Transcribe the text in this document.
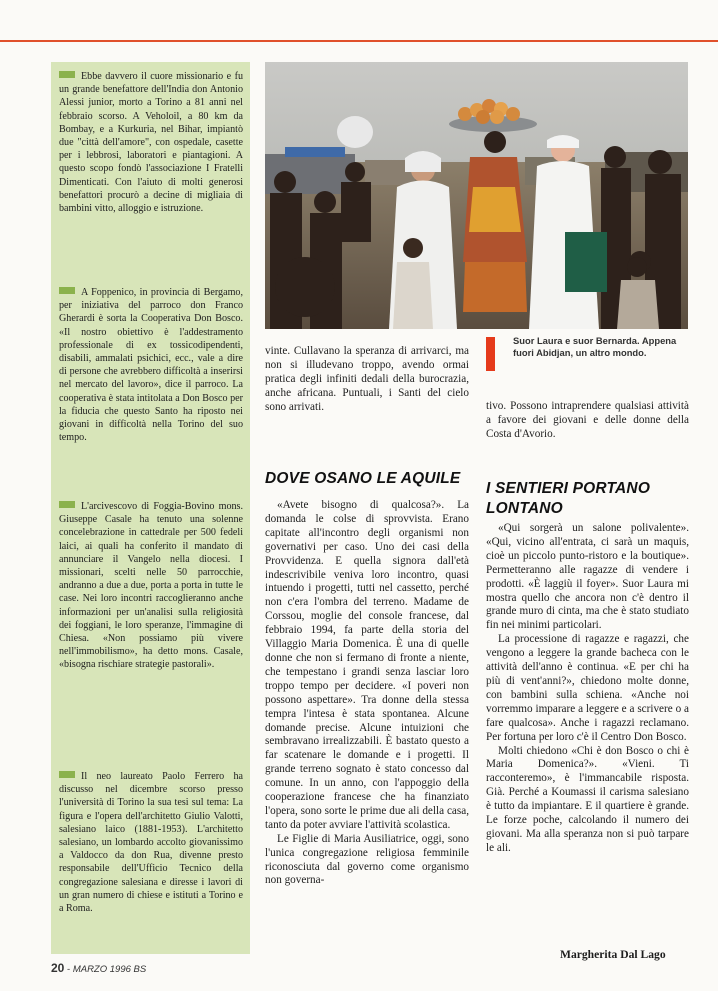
Ebbe davvero il cuore missionario e fu un grande benefattore dell'India don Antonio Alessi junior, morto a Torino a 81 anni nel febbraio scorso. A Veholoil, a 80 km da Bombay, e a Kurkuria, nel Bihar, impiantò due "città dell'amore", con ospedale, casette per i lebbrosi, laboratori e piantagioni. A questo scopo fondò l'associazione I Fratelli Dimenticati. Con l'aiuto di molti generosi benefattori procurò a decine di migliaia di bambini vitto, alloggio e istruzione.

A Foppenico, in provincia di Bergamo, per iniziativa del parroco don Franco Gherardi è sorta la Cooperativa Don Bosco. «Il nostro obiettivo è l'addestramento professionale di ex tossicodipendenti, disabili, ammalati psichici, ecc., vale a dire di persone che avrebbero difficoltà a inserirsi nel mercato del lavoro», dice il parroco. La cooperativa è stata intitolata a Don Bosco per la fiducia che questo Santo ha riposto nei giovani in difficoltà nella Torino del suo tempo.

L'arcivescovo di Foggia-Bovino mons. Giuseppe Casale ha tenuto una solenne concelebrazione in cattedrale per 500 fedeli laici, ai quali ha conferito il mandato di annunciare il Vangelo nella diocesi. I missionari, scelti nelle 50 parrocchie, andranno a due a due, porta a porta in tutte le case. Nei loro incontri raccoglieranno anche informazioni per un'analisi sulla religiosità dei foggiani, le loro speranze, l'immagine di Chiesa. «Non possiamo più vivere nell'immobilismo», ha detto mons. Casale, «bisogna rischiare strategie pastorali».

Il neo laureato Paolo Ferrero ha discusso nel dicembre scorso presso l'università di Torino la sua tesi sul tema: La figura e l'opera dell'architetto Giulio Valotti, salesiano laico (1881-1953). L'architetto salesiano, un lombardo accolto giovanissimo a Valdocco da don Rua, divenne presto responsabile dell'Ufficio Tecnico della congregazione salesiana e diresse i lavori di un gran numero di chiese e istituti a Torino e a Roma.

Suor Laura e suor Bernarda. Appena fuori Abidjan, un altro mondo.

vinte. Cullavano la speranza di arrivarci, ma non si illudevano troppo, avendo ormai pratica degli infiniti dedali della burocrazia, anche africana. Puntuali, i Santi del cielo sono arrivati.

DOVE OSANO LE AQUILE

«Avete bisogno di qualcosa?». La domanda le colse di sprovvista. Erano capitate all'incontro degli organismi non governativi per caso. Uno dei casi della Provvidenza. E quella signora dall'età indescrivibile veniva loro incontro, quasi intuendo i progetti, tutti nel cassetto, perché non c'era l'ombra del terreno. Madame de Corssou, moglie del console francese, dal febbraio 1994, fa parte della storia del Villaggio Maria Domenica. È una di quelle donne che non si fermano di fronte a niente, che tempestano i grandi senza lasciar loro troppo tempo per decidere. «I poveri non possono aspettare». Tra donne della stessa tempra l'intesa è stata spontanea. Alcune domande precise. Alcune intuizioni che sembravano irrealizzabili. È bastato questo a far scatenare le domande e i progetti. Il grande terreno sognato è stato concesso dal comune. In un anno, con l'appoggio della cooperazione francese che ha finanziato l'opera, sono sorte le prime due ali della casa, tanto da poter avviare l'attività scolastica.

Le Figlie di Maria Ausiliatrice, oggi, sono l'unica congregazione religiosa femminile riconosciuta dal governo come organismo non governa-

tivo. Possono intraprendere qualsiasi attività a favore dei giovani e delle donne della Costa d'Avorio.

I SENTIERI PORTANO LONTANO

«Qui sorgerà un salone polivalente». «Qui, vicino all'entrata, ci sarà un maquis, cioè un piccolo punto-ristoro e la boutique». Permetteranno alle ragazze di vendere i prodotti. «È laggiù il foyer». Suor Laura mi mostra quello che ancora non c'è dentro il grande muro di cinta, ma che è stato studiato fin nei minimi particolari.

La processione di ragazze e ragazzi, che vengono a leggere la grande bacheca con le attività dell'anno è continua. «E per chi ha più di vent'anni?», chiedono molte donne, con bambini sulla schiena. «Anche noi vorremmo imparare a leggere e a scrivere o a fare qualcosa». Anche i ragazzi reclamano. Per fortuna per loro c'è il Centro Don Bosco.

Molti chiedono «Chi è don Bosco o chi è Maria Domenica?». «Vieni. Ti racconteremo», è l'immancabile risposta. Già. Perché a Koumassi il carisma salesiano è tutto da impiantare. E il quartiere è grande. Le forze poche, calcolando il numero dei giovani. Ma alla speranza non si può tarpare le ali.

Margherita Dal Lago
20 - MARZO 1996 BS
